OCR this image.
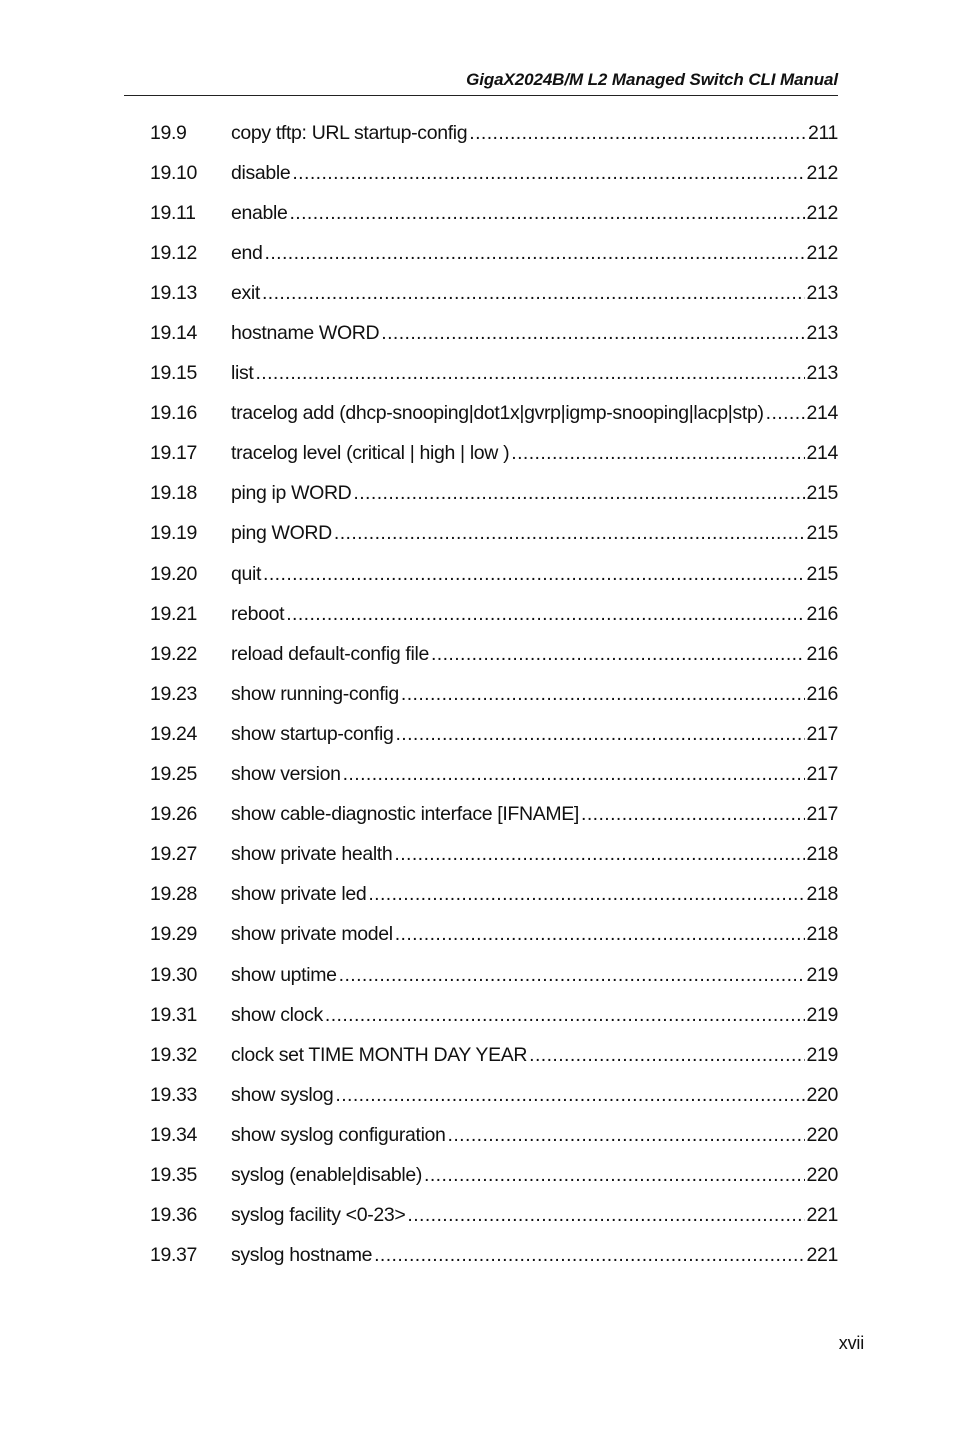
GigaX2024B/M L2 Managed Switch CLI Manual
19.9	copy tftp: URL startup-config .....	211
19.10	disable .....	212
19.11	enable .....	212
19.12	end .....	212
19.13	exit .....	213
19.14	hostname WORD .....	213
19.15	list .....	213
19.16	tracelog add (dhcp-snooping|dot1x|gvrp|igmp-snooping|lacp|stp) ..... 214
19.17	tracelog level (critical | high | low ) .....	214
19.18	ping ip WORD .....	215
19.19	ping WORD .....	215
19.20	quit .....	215
19.21	reboot .....	216
19.22	reload default-config file .....	216
19.23	show running-config .....	216
19.24	show startup-config .....	217
19.25	show version .....	217
19.26	show cable-diagnostic interface [IFNAME] .....	217
19.27	show private health .....	218
19.28	show private led .....	218
19.29	show private model .....	218
19.30	show uptime .....	219
19.31	show clock .....	219
19.32	clock set TIME MONTH DAY YEAR .....	219
19.33	show syslog .....	220
19.34	show syslog configuration .....	220
19.35	syslog (enable|disable) .....	220
19.36	syslog facility <0-23> .....	221
19.37	syslog hostname .....	221
xvii
